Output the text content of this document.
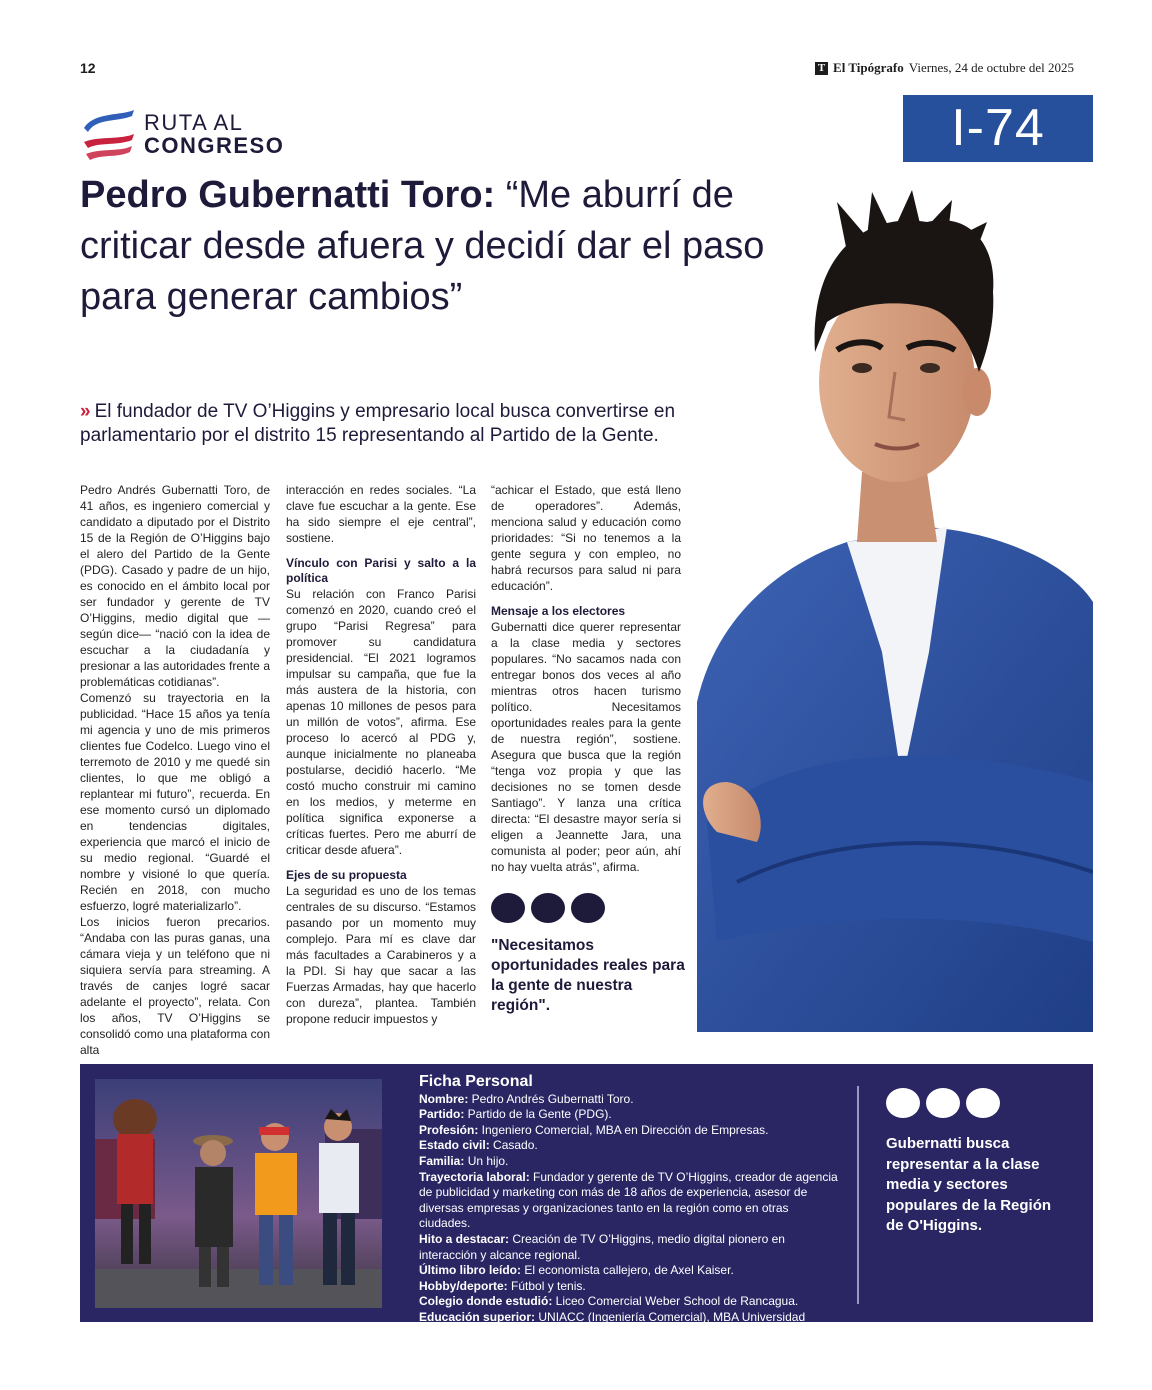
12	T El Tipógrafo Viernes, 24 de octubre del 2025
RUTA AL
CONGRESO	I-74
Pedro Gubernatti Toro: “Me aburrí de criticar desde afuera y decidí dar el paso para generar cambios”
» El fundador de TV O’Higgins y empresario local busca convertirse en parlamentario por el distrito 15 representando al Partido de la Gente.

Pedro Andrés Gubernatti Toro, de 41 años, es ingeniero comercial y candidato a diputado por el Distrito 15 de la Región de O’Higgins bajo el alero del Partido de la Gente (PDG). Casado y padre de un hijo, es conocido en el ámbito local por ser fundador y gerente de TV O’Higgins, medio digital que —según dice— “nació con la idea de escuchar a la ciudadanía y presionar a las autoridades frente a problemáticas cotidianas”.

Comenzó su trayectoria en la publicidad. “Hace 15 años ya tenía mi agencia y uno de mis primeros clientes fue Codelco. Luego vino el terremoto de 2010 y me quedé sin clientes, lo que me obligó a replantear mi futuro”, recuerda. En ese momento cursó un diplomado en tendencias digitales, experiencia que marcó el inicio de su medio regional. “Guardé el nombre y visioné lo que quería. Recién en 2018, con mucho esfuerzo, logré materializarlo”.

Los inicios fueron precarios. “Andaba con las puras ganas, una cámara vieja y un teléfono que ni siquiera servía para streaming. A través de canjes logré sacar adelante el proyecto”, relata. Con los años, TV O’Higgins se consolidó como una plataforma con alta

interacción en redes sociales. “La clave fue escuchar a la gente. Ese ha sido siempre el eje central”, sostiene.

Vínculo con Parisi y salto a la política

Su relación con Franco Parisi comenzó en 2020, cuando creó el grupo “Parisi Regresa” para promover su candidatura presidencial. “El 2021 logramos impulsar su campaña, que fue la más austera de la historia, con apenas 10 millones de pesos para un millón de votos”, afirma. Ese proceso lo acercó al PDG y, aunque inicialmente no planeaba postularse, decidió hacerlo. “Me costó mucho construir mi camino en los medios, y meterme en política significa exponerse a críticas fuertes. Pero me aburrí de criticar desde afuera”.

Ejes de su propuesta

La seguridad es uno de los temas centrales de su discurso. “Estamos pasando por un momento muy complejo. Para mí es clave dar más facultades a Carabineros y a la PDI. Si hay que sacar a las Fuerzas Armadas, hay que hacerlo con dureza”, plantea. También propone reducir impuestos y

“achicar el Estado, que está lleno de operadores”. Además, menciona salud y educación como prioridades: “Si no tenemos a la gente segura y con empleo, no habrá recursos para salud ni para educación”.

Mensaje a los electores

Gubernatti dice querer representar a la clase media y sectores populares. “No sacamos nada con entregar bonos dos veces al año mientras otros hacen turismo político. Necesitamos oportunidades reales para la gente de nuestra región”, sostiene. Asegura que busca que la región “tenga voz propia y que las decisiones no se tomen desde Santiago”. Y lanza una crítica directa: “El desastre mayor sería si eligen a Jeannette Jara, una comunista al poder; peor aún, ahí no hay vuelta atrás”, afirma.

"Necesitamos oportunidades reales para la gente de nuestra región".
Ficha Personal
Nombre: Pedro Andrés Gubernatti Toro.
Partido: Partido de la Gente (PDG).
Profesión: Ingeniero Comercial, MBA en Dirección de Empresas.
Estado civil: Casado.
Familia: Un hijo.
Trayectoria laboral: Fundador y gerente de TV O’Higgins, creador de agencia de publicidad y marketing con más de 18 años de experiencia, asesor de diversas empresas y organizaciones tanto en la región como en otras ciudades.
Hito a destacar: Creación de TV O’Higgins, medio digital pionero en interacción y alcance regional.
Último libro leído: El economista callejero, de Axel Kaiser.
Hobby/deporte: Fútbol y tenis.
Colegio donde estudió: Liceo Comercial Weber School de Rancagua.
Educación superior: UNIACC (Ingeniería Comercial), MBA Universidad Andrés Bello con doble titulación en Universidad Europea de Madrid.
Gubernatti busca representar a la clase media y sectores populares de la Región de O'Higgins.
